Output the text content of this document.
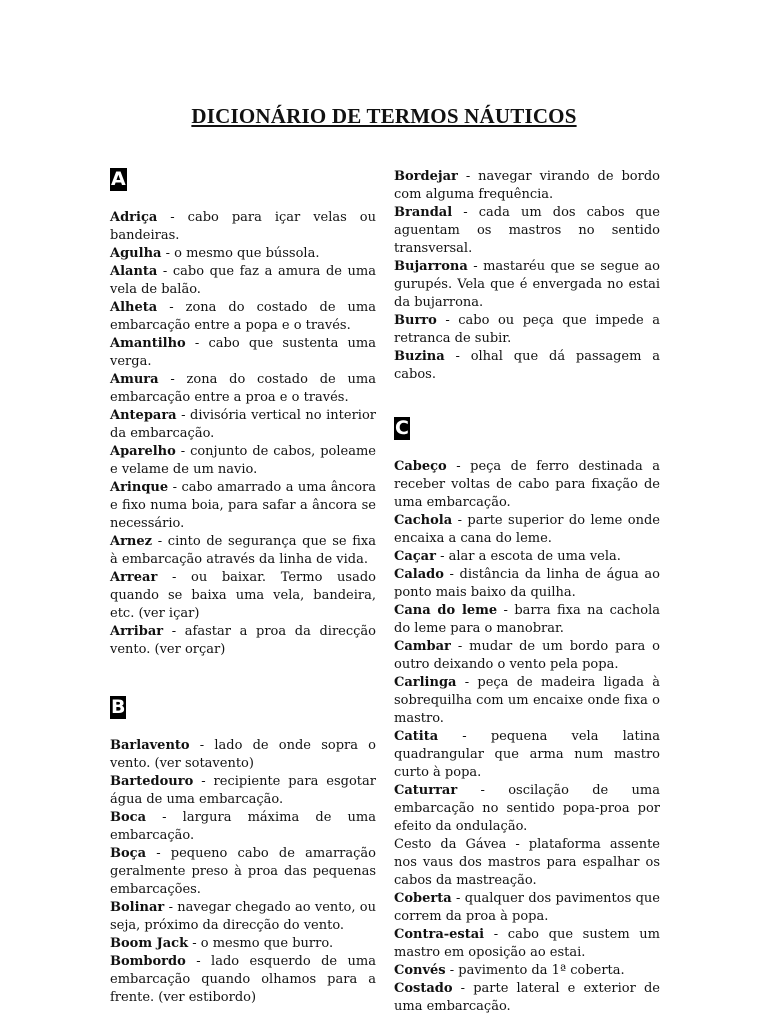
DICIONÁRIO DE TERMOS NÁUTICOS
A
Adriça - cabo para içar velas ou bandeiras.
Agulha - o mesmo que bússola.
Alanta - cabo que faz a amura de uma vela de balão.
Alheta - zona do costado de uma embarcação entre a popa e o través.
Amantilho - cabo que sustenta uma verga.
Amura - zona do costado de uma embarcação entre a proa e o través.
Antepara - divisória vertical no interior da embarcação.
Aparelho - conjunto de cabos, poleame e velame de um navio.
Arinque - cabo amarrado a uma âncora e fixo numa boia, para safar a âncora se necessário.
Arnez - cinto de segurança que se fixa à embarcação através da linha de vida.
Arrear - ou baixar. Termo usado quando se baixa uma vela, bandeira, etc. (ver içar)
Arribar - afastar a proa da direcção vento. (ver orçar)
B
Barlavento - lado de onde sopra o vento. (ver sotavento)
Bartedouro - recipiente para esgotar água de uma embarcação.
Boca - largura máxima de uma embarcação.
Boça - pequeno cabo de amarração geralmente preso à proa das pequenas embarcações.
Bolinar - navegar chegado ao vento, ou seja, próximo da direcção do vento.
Boom Jack - o mesmo que burro.
Bombordo - lado esquerdo de uma embarcação quando olhamos para a frente. (ver estibordo)
Bordejar - navegar virando de bordo com alguma frequência.
Brandal - cada um dos cabos que aguentam os mastros no sentido transversal.
Bujarrona - mastaréu que se segue ao gurupés. Vela que é envergada no estai da bujarrona.
Burro - cabo ou peça que impede a retranca de subir.
Buzina - olhal que dá passagem a cabos.
C
Cabeço - peça de ferro destinada a receber voltas de cabo para fixação de uma embarcação.
Cachola - parte superior do leme onde encaixa a cana do leme.
Caçar - alar a escota de uma vela.
Calado - distância da linha de água ao ponto mais baixo da quilha.
Cana do leme - barra fixa na cachola do leme para o manobrar.
Cambar - mudar de um bordo para o outro deixando o vento pela popa.
Carlinga - peça de madeira ligada à sobrequilha com um encaixe onde fixa o mastro.
Catita - pequena vela latina quadrangular que arma num mastro curto à popa.
Caturrar - oscilação de uma embarcação no sentido popa-proa por efeito da ondulação.
Cesto da Gávea - plataforma assente nos vaus dos mastros para espalhar os cabos da mastreação.
Coberta - qualquer dos pavimentos que correm da proa à popa.
Contra-estai - cabo que sustem um mastro em oposição ao estai.
Convés - pavimento da 1ª coberta.
Costado - parte lateral e exterior de uma embarcação.
